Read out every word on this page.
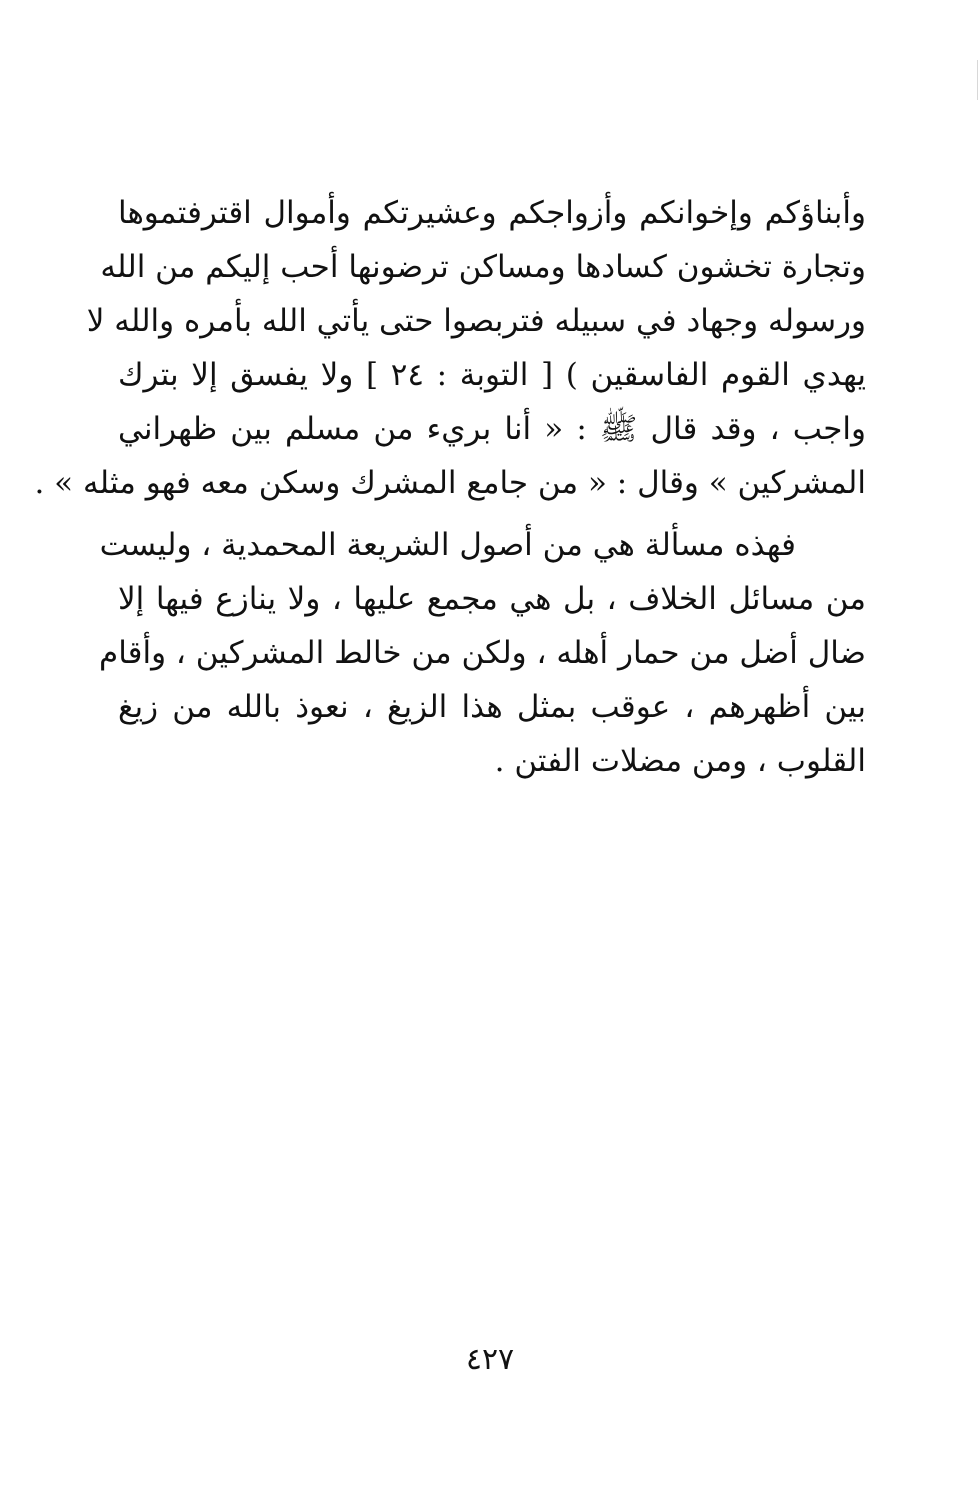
وأبناؤكم وإخوانكم وأزواجكم وعشيرتكم وأموال اقترفتموها
وتجارة تخشون كسادها ومساكن ترضونها أحب إليكم من الله
ورسوله وجهاد في سبيله فتربصوا حتى يأتي الله بأمره والله لا
يهدي القوم الفاسقين ) [ التوبة : ٢٤ ] ولا يفسق إلا بترك
واجب ، وقد قال ﷺ : « أنا بريء من مسلم بين ظهراني
المشركين » وقال : « من جامع المشرك وسكن معه فهو مثله » .
فهذه مسألة هي من أصول الشريعة المحمدية ، وليست
من مسائل الخلاف ، بل هي مجمع عليها ، ولا ينازع فيها إلا
ضال أضل من حمار أهله ، ولكن من خالط المشركين ، وأقام
بين أظهرهم ، عوقب بمثل هذا الزيغ ، نعوذ بالله من زيغ
القلوب ، ومن مضلات الفتن .
٤٢٧
